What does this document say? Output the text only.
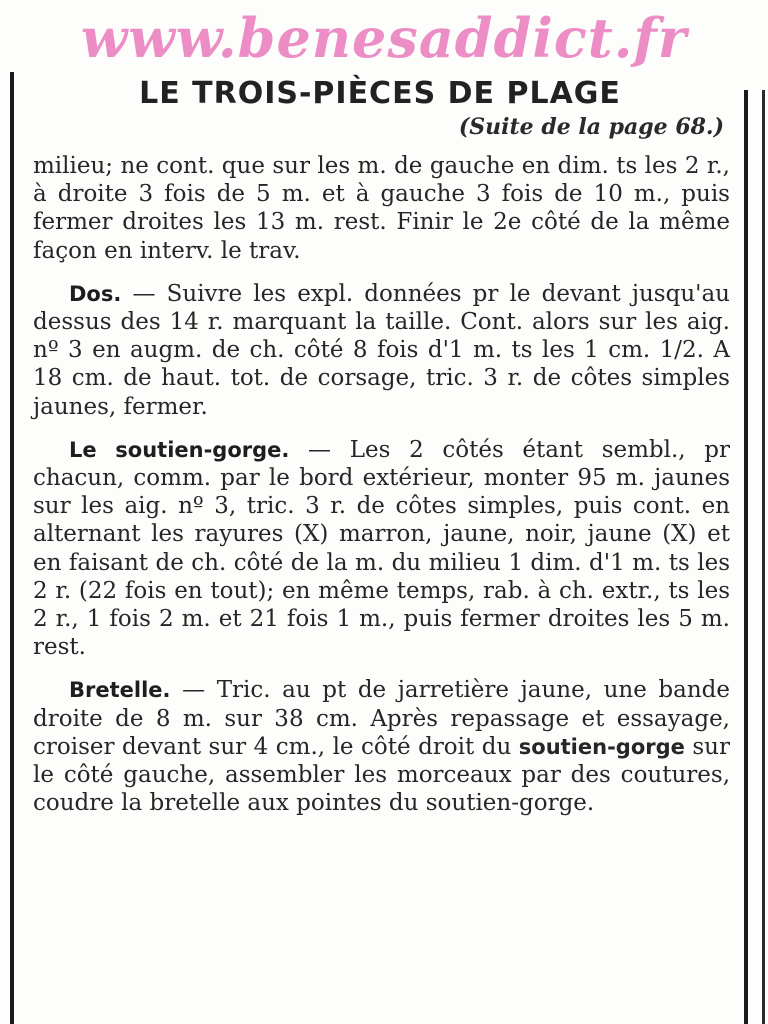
www.benesaddict.fr
LE TROIS-PIÈCES DE PLAGE
(Suite de la page 68.)

milieu; ne cont. que sur les m. de gauche en dim. ts les 2 r., à droite 3 fois de 5 m. et à gauche 3 fois de 10 m., puis fermer droites les 13 m. rest. Finir le 2e côté de la même façon en interv. le trav.

Dos. — Suivre les expl. données pr le devant jusqu'au dessus des 14 r. marquant la taille. Cont. alors sur les aig. nº 3 en augm. de ch. côté 8 fois d'1 m. ts les 1 cm. 1/2. A 18 cm. de haut. tot. de corsage, tric. 3 r. de côtes simples jaunes, fermer.

Le soutien-gorge. — Les 2 côtés étant sembl., pr chacun, comm. par le bord extérieur, monter 95 m. jaunes sur les aig. nº 3, tric. 3 r. de côtes simples, puis cont. en alternant les rayures (X) marron, jaune, noir, jaune (X) et en faisant de ch. côté de la m. du milieu 1 dim. d'1 m. ts les 2 r. (22 fois en tout); en même temps, rab. à ch. extr., ts les 2 r., 1 fois 2 m. et 21 fois 1 m., puis fermer droites les 5 m. rest.

Bretelle. — Tric. au pt de jarretière jaune, une bande droite de 8 m. sur 38 cm. Après repassage et essayage, croiser devant sur 4 cm., le côté droit du soutien-gorge sur le côté gauche, assembler les morceaux par des coutures, coudre la bretelle aux pointes du soutien-gorge.
